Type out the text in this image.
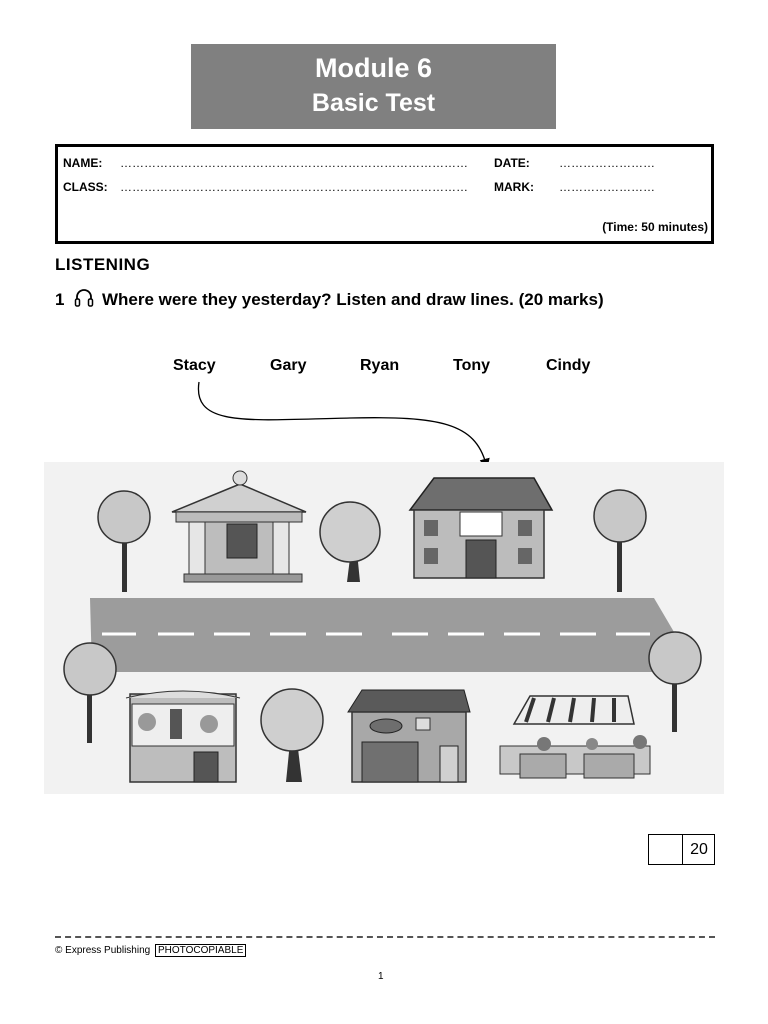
Module 6
Basic Test
NAME: …………………………………………………………………………… DATE: ……………………
CLASS: …………………………………………………………………………… MARK: ……………………
(Time: 50 minutes)
LISTENING
1 Where were they yesterday? Listen and draw lines. (20 marks)
Stacy	Gary	Ryan	Tony	Cindy
20
© Express Publishing PHOTOCOPIABLE
1
